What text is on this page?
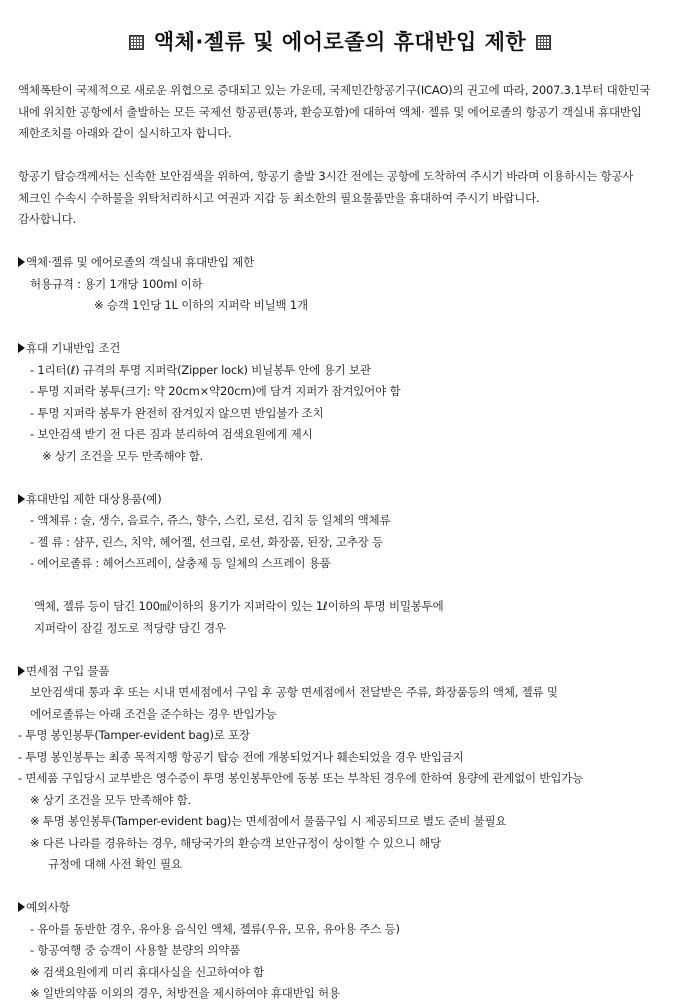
액체·젤류 및 에어로졸의 휴대반입 제한
액체폭탄이 국제적으로 새로운 위협으로 증대되고 있는 가운데, 국제민간항공기구(ICAO)의 권고에 따라, 2007.3.1부터 대한민국
내에 위치한 공항에서 출발하는 모든 국제선 항공편(통과, 환승포함)에 대하여 액체· 젤류 및 에어로졸의 항공기 객실내 휴대반입
제한조치를 아래와 같이 실시하고자 합니다.
항공기 탑승객께서는 신속한 보안검색을 위하여, 항공기 출발 3시간 전에는 공항에 도착하여 주시기 바라며 이용하시는 항공사
체크인 수속시 수하물을 위탁처리하시고 여권과 지갑 등 최소한의 필요물품만을 휴대하여 주시기 바랍니다.
감사합니다.
액체·젤류 및 에어로졸의 객실내 휴대반입 제한
허용규격 : 용기 1개당 100ml 이하
※ 승객 1인당 1L 이하의 지퍼락 비닐백 1개
휴대 기내반입 조건
- 1리터(ℓ) 규격의 투명 지퍼락(Zipper lock) 비닐봉투 안에 용기 보관
- 투명 지퍼락 봉투(크기: 약 20cm×약20cm)에 담겨 지퍼가 잠겨있어야 함
- 투명 지퍼락 봉투가 완전히 잠겨있지 않으면 반입불가 조치
- 보안검색 받기 전 다른 짐과 분리하여 검색요원에게 제시
※ 상기 조건을 모두 만족해야 함.
휴대반입 제한 대상용품(예)
- 액체류 : 술, 생수, 음료수, 쥬스, 향수, 스킨, 로션, 김치 등 일체의 액체류
- 젤 류 : 샴푸, 린스, 치약, 헤어젤, 선크림, 로션, 화장품, 된장, 고추장 등
- 에어로졸류 : 헤어스프레이, 살충제 등 일체의 스프레이 용품
액체, 젤류 등이 담긴 100㎖이하의 용기가 지퍼락이 있는 1ℓ이하의 투명 비밀봉투에
지퍼락이 잠길 정도로 적당량 담긴 경우
면세점 구입 물품
보안검색대 통과 후 또는 시내 면세점에서 구입 후 공항 면세점에서 전달받은 주류, 화장품등의 액체, 젤류 및
에어로졸류는 아래 조건을 준수하는 경우 반입가능
- 투명 봉인봉투(Tamper-evident bag)로 포장
- 투명 봉인봉투는 최종 목적지행 항공기 탑승 전에 개봉되었거나 훼손되었을 경우 반입금지
- 면세품 구입당시 교부받은 영수증이 투명 봉인봉투안에 동봉 또는 부착된 경우에 한하여 용량에 관계없이 반입가능
※ 상기 조건을 모두 만족해야 함.
※ 투명 봉인봉투(Tamper-evident bag)는 면세점에서 물품구입 시 제공되므로 별도 준비 불필요
※ 다른 나라를 경유하는 경우, 해당국가의 환승객 보안규정이 상이할 수 있으니 해당
규정에 대해 사전 확인 필요
예외사항
- 유아를 동반한 경우, 유아용 음식인 액체, 젤류(우유, 모유, 유아용 주스 등)
- 항공여행 중 승객이 사용할 분량의 의약품
※ 검색요원에게 미리 휴대사실을 신고하여야 함
※ 일반의약품 이외의 경우, 처방전을 제시하여야 휴대반입 허용
